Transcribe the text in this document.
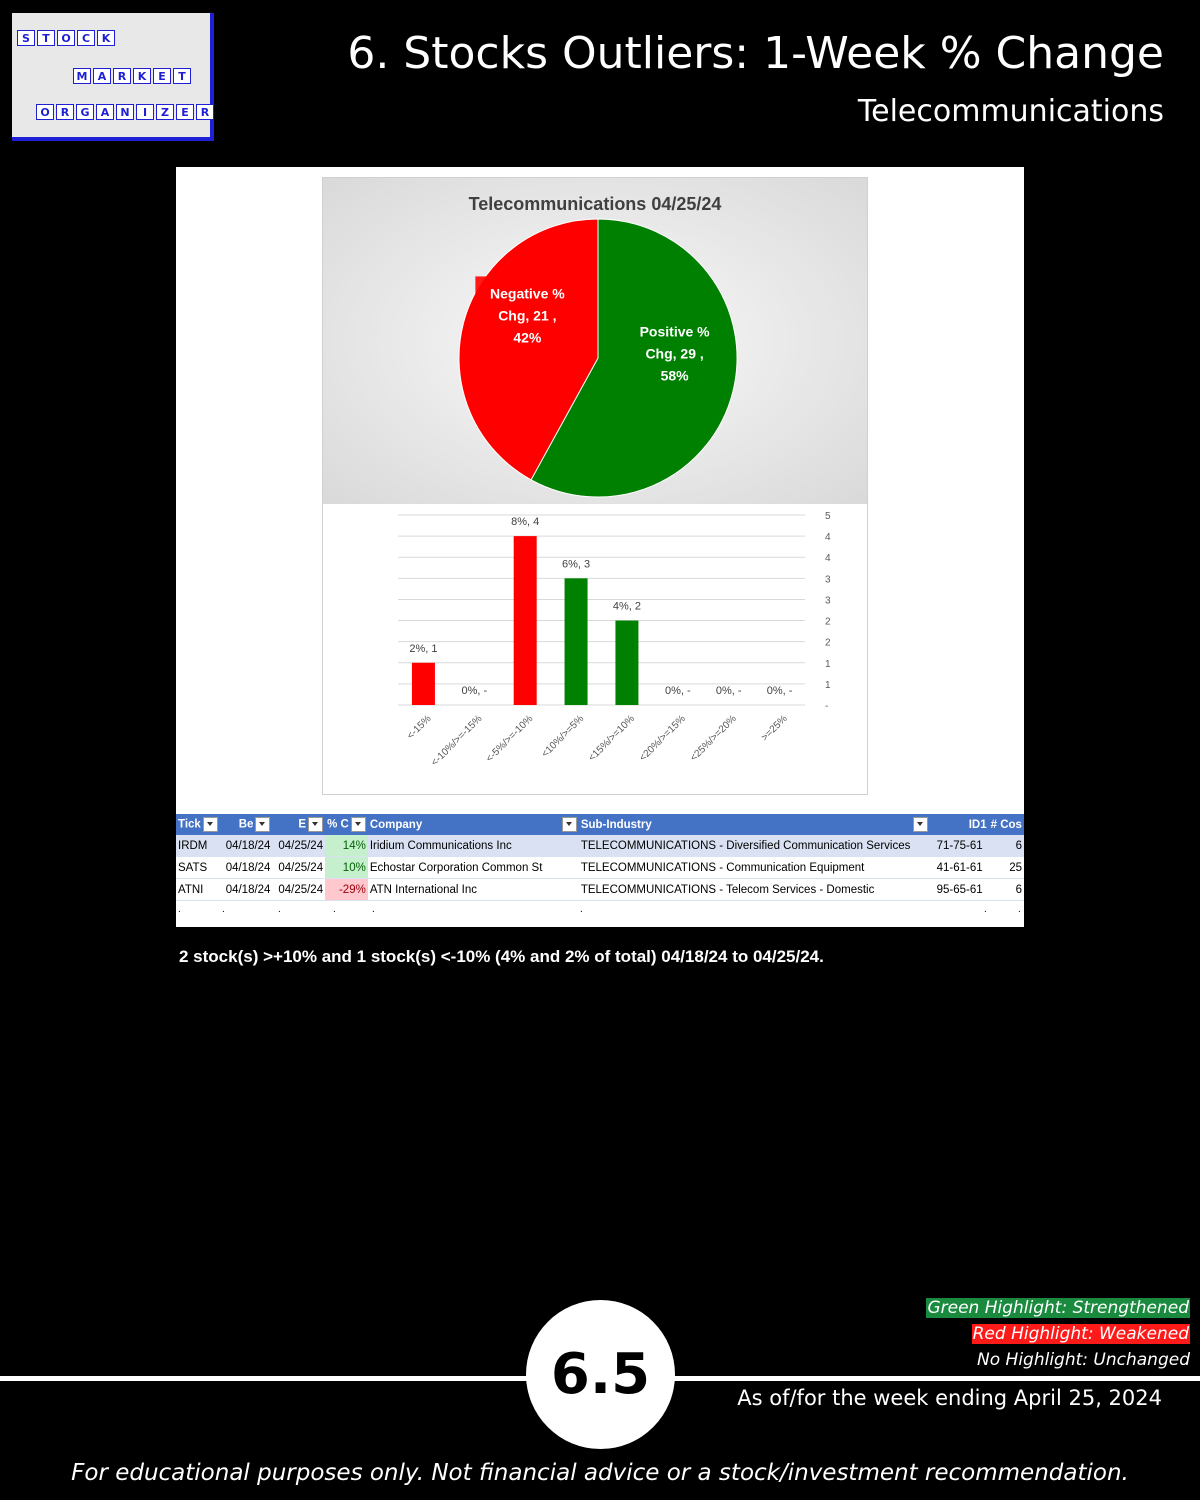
S	T	O	C	K
M A	R	K	E	T
O	R	G	A	N	I	Z	E	R
6. Stocks Outliers: 1-Week % Change
Telecommunications
Telecommunications 04/25/24
Positive %
Chg, 29 ,
58%
Negative %
Chg, 21 ,
42%
-
1
1
2
2
3
3
4
4
5
2%, 1
<-15%
0%, -
<-10%/>=-15%
8%, 4
<-5%/>=-10%
6%, 3
<10%/>=5%
4%, 2
<15%/>=10%
0%, -
<20%/>=15%
0%, -
<25%/>=20%
0%, -
>=25%
Tick	Be	E	% C	Company	Sub-Industry	ID1	# Cos
IRDM	04/18/24	04/25/24	14%	Iridium Communications Inc	TELECOMMUNICATIONS - Diversified Communication Services	71-75-61	6
SATS	04/18/24	04/25/24	10%	Echostar Corporation Common St	TELECOMMUNICATIONS - Communication Equipment	41-61-61	25
ATNI	04/18/24	04/25/24	-29%	ATN International Inc	TELECOMMUNICATIONS - Telecom Services - Domestic	95-65-61	6
.	.	.	.	.	.	.	.
2 stock(s) >+10% and 1 stock(s) <-10% (4% and 2% of total) 04/18/24 to 04/25/24.
Green Highlight: Strengthened
Red Highlight: Weakened
No Highlight: Unchanged
6.5	As of/for the week ending April 25, 2024
For educational purposes only. Not financial advice or a stock/investment recommendation.
